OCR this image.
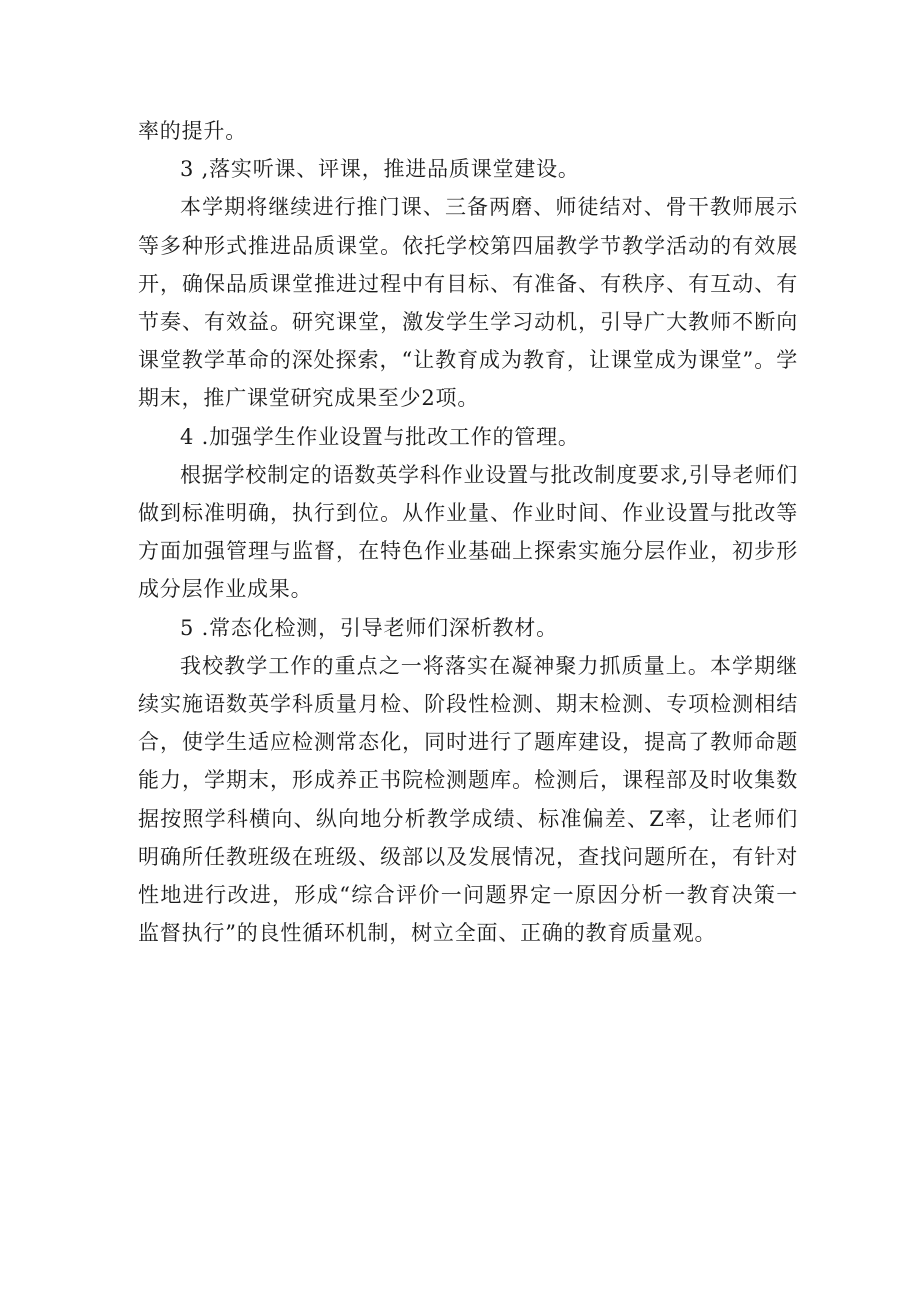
率的提升。

3 ,落实听课、评课，推进品质课堂建设。

本学期将继续进行推门课、三备两磨、师徒结对、骨干教师展示等多种形式推进品质课堂。依托学校第四届教学节教学活动的有效展开，确保品质课堂推进过程中有目标、有准备、有秩序、有互动、有节奏、有效益。研究课堂，激发学生学习动机，引导广大教师不断向课堂教学革命的深处探索，“让教育成为教育，让课堂成为课堂”。学期末，推广课堂研究成果至少2项。

4 .加强学生作业设置与批改工作的管理。

根据学校制定的语数英学科作业设置与批改制度要求,引导老师们做到标准明确，执行到位。从作业量、作业时间、作业设置与批改等方面加强管理与监督，在特色作业基础上探索实施分层作业，初步形成分层作业成果。

5 .常态化检测，引导老师们深析教材。

我校教学工作的重点之一将落实在凝神聚力抓质量上。本学期继续实施语数英学科质量月检、阶段性检测、期末检测、专项检测相结合，使学生适应检测常态化，同时进行了题库建设，提高了教师命题能力，学期末，形成养正书院检测题库。检测后，课程部及时收集数据按照学科横向、纵向地分析教学成绩、标准偏差、Z率，让老师们明确所任教班级在班级、级部以及发展情况，查找问题所在，有针对性地进行改进，形成“综合评价一问题界定一原因分析一教育决策一监督执行”的良性循环机制，树立全面、正确的教育质量观。
